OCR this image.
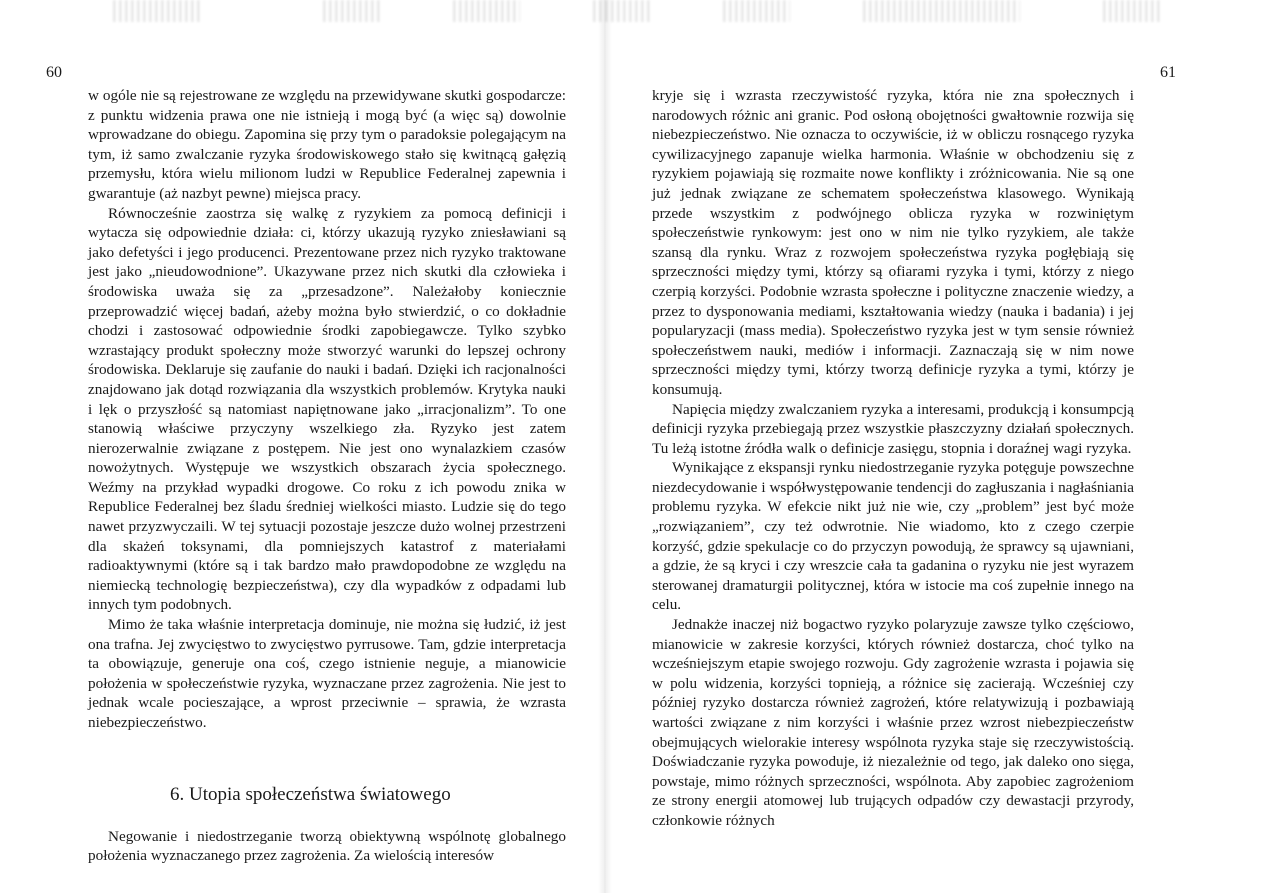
60	61

w ogóle nie są rejestrowane ze względu na przewidywane skutki gospodarcze: z punktu widzenia prawa one nie istnieją i mogą być (a więc są) dowolnie wprowadzane do obiegu. Zapomina się przy tym o paradoksie polegającym na tym, iż samo zwalczanie ryzyka środowiskowego stało się kwitnącą gałęzią przemysłu, która wielu milionom ludzi w Republice Federalnej zapewnia i gwarantuje (aż nazbyt pewne) miejsca pracy.

Równocześnie zaostrza się walkę z ryzykiem za pomocą definicji i wytacza się odpowiednie działa: ci, którzy ukazują ryzyko zniesławiani są jako defetyści i jego producenci. Prezentowane przez nich ryzyko traktowane jest jako „nieudowodnione”. Ukazywane przez nich skutki dla człowieka i środowiska uważa się za „przesadzone”. Należałoby koniecznie przeprowadzić więcej badań, ażeby można było stwierdzić, o co dokładnie chodzi i zastosować odpowiednie środki zapobiegawcze. Tylko szybko wzrastający produkt społeczny może stworzyć warunki do lepszej ochrony środowiska. Deklaruje się zaufanie do nauki i badań. Dzięki ich racjonalności znajdowano jak dotąd rozwiązania dla wszystkich problemów. Krytyka nauki i lęk o przyszłość są natomiast napiętnowane jako „irracjonalizm”. To one stanowią właściwe przyczyny wszelkiego zła. Ryzyko jest zatem nierozerwalnie związane z postępem. Nie jest ono wynalazkiem czasów nowożytnych. Występuje we wszystkich obszarach życia społecznego. Weźmy na przykład wypadki drogowe. Co roku z ich powodu znika w Republice Federalnej bez śladu średniej wielkości miasto. Ludzie się do tego nawet przyzwyczaili. W tej sytuacji pozostaje jeszcze dużo wolnej przestrzeni dla skażeń toksynami, dla pomniejszych katastrof z materiałami radioaktywnymi (które są i tak bardzo mało prawdopodobne ze względu na niemiecką technologię bezpieczeństwa), czy dla wypadków z odpadami lub innych tym podobnych.

Mimo że taka właśnie interpretacja dominuje, nie można się łudzić, iż jest ona trafna. Jej zwycięstwo to zwycięstwo pyrrusowe. Tam, gdzie interpretacja ta obowiązuje, generuje ona coś, czego istnienie neguje, a mianowicie położenia w społeczeństwie ryzyka, wyznaczane przez zagrożenia. Nie jest to jednak wcale pocieszające, a wprost przeciwnie – sprawia, że wzrasta niebezpieczeństwo.

6. Utopia społeczeństwa światowego

Negowanie i niedostrzeganie tworzą obiektywną wspólnotę globalnego położenia wyznaczanego przez zagrożenia. Za wielością interesów

kryje się i wzrasta rzeczywistość ryzyka, która nie zna społecznych i narodowych różnic ani granic. Pod osłoną obojętności gwałtownie rozwija się niebezpieczeństwo. Nie oznacza to oczywiście, iż w obliczu rosnącego ryzyka cywilizacyjnego zapanuje wielka harmonia. Właśnie w obchodzeniu się z ryzykiem pojawiają się rozmaite nowe konflikty i zróżnicowania. Nie są one już jednak związane ze schematem społeczeństwa klasowego. Wynikają przede wszystkim z podwójnego oblicza ryzyka w rozwiniętym społeczeństwie rynkowym: jest ono w nim nie tylko ryzykiem, ale także szansą dla rynku. Wraz z rozwojem społeczeństwa ryzyka pogłębiają się sprzeczności między tymi, którzy są ofiarami ryzyka i tymi, którzy z niego czerpią korzyści. Podobnie wzrasta społeczne i polityczne znaczenie wiedzy, a przez to dysponowania mediami, kształtowania wiedzy (nauka i badania) i jej popularyzacji (mass media). Społeczeństwo ryzyka jest w tym sensie również społeczeństwem nauki, mediów i informacji. Zaznaczają się w nim nowe sprzeczności między tymi, którzy tworzą definicje ryzyka a tymi, którzy je konsumują.

Napięcia między zwalczaniem ryzyka a interesami, produkcją i konsumpcją definicji ryzyka przebiegają przez wszystkie płaszczyzny działań społecznych. Tu leżą istotne źródła walk o definicje zasięgu, stopnia i doraźnej wagi ryzyka.

Wynikające z ekspansji rynku niedostrzeganie ryzyka potęguje powszechne niezdecydowanie i współwystępowanie tendencji do zagłuszania i nagłaśniania problemu ryzyka. W efekcie nikt już nie wie, czy „problem” jest być może „rozwiązaniem”, czy też odwrotnie. Nie wiadomo, kto z czego czerpie korzyść, gdzie spekulacje co do przyczyn powodują, że sprawcy są ujawniani, a gdzie, że są kryci i czy wreszcie cała ta gadanina o ryzyku nie jest wyrazem sterowanej dramaturgii politycznej, która w istocie ma coś zupełnie innego na celu.

Jednakże inaczej niż bogactwo ryzyko polaryzuje zawsze tylko częściowo, mianowicie w zakresie korzyści, których również dostarcza, choć tylko na wcześniejszym etapie swojego rozwoju. Gdy zagrożenie wzrasta i pojawia się w polu widzenia, korzyści topnieją, a różnice się zacierają. Wcześniej czy później ryzyko dostarcza również zagrożeń, które relatywizują i pozbawiają wartości związane z nim korzyści i właśnie przez wzrost niebezpieczeństw obejmujących wielorakie interesy wspólnota ryzyka staje się rzeczywistością. Doświadczanie ryzyka powoduje, iż niezależnie od tego, jak daleko ono sięga, powstaje, mimo różnych sprzeczności, wspólnota. Aby zapobiec zagrożeniom ze strony energii atomowej lub trujących odpadów czy dewastacji przyrody, członkowie różnych
